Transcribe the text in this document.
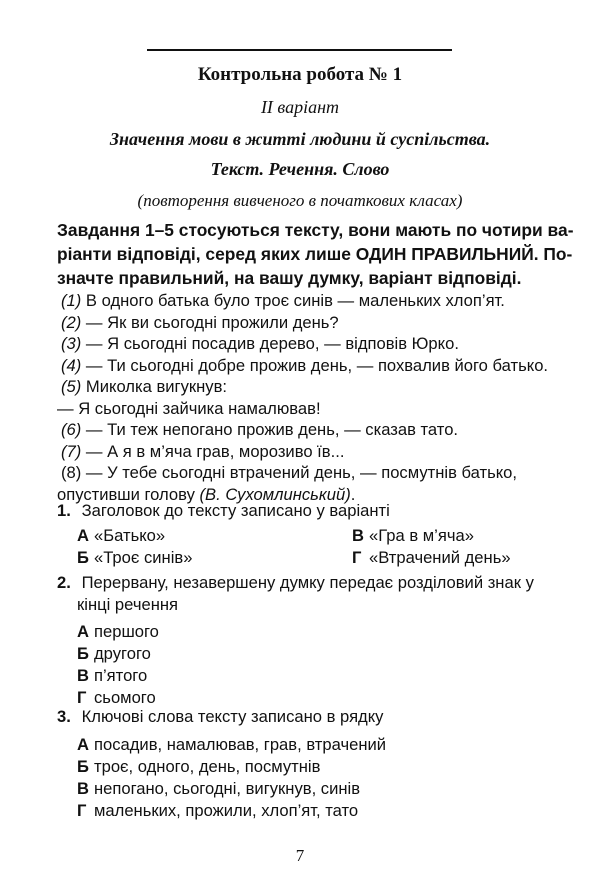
Контрольна робота № 1
II варіант
Значення мови в житті людини й суспільства.
Текст. Речення. Слово
(повторення вивченого в початкових класах)
Завдання 1–5 стосуються тексту, вони мають по чотири ва-
ріанти відповіді, серед яких лише ОДИН ПРАВИЛЬНИЙ. По-
значте правильний, на вашу думку, варіант відповіді.
(1) В одного батька було троє синів — маленьких хлоп’ят.
(2) — Як ви сьогодні прожили день?
(3) — Я сьогодні посадив дерево, — відповів Юрко.
(4) — Ти сьогодні добре прожив день, — похвалив його батько.
(5) Миколка вигукнув:
— Я сьогодні зайчика намалював!
(6) — Ти теж непогано прожив день, — сказав тато.
(7) — А я в м’яча грав, морозиво їв...
(8) — У тебе сьогодні втрачений день, — посмутнів батько,
опустивши голову (В. Сухомлинський).
1. Заголовок до тексту записано у варіанті
А «Батько»	В «Гра в м’яча»
Б «Троє синів»	Г «Втрачений день»
2. Перервану, незавершену думку передає розділовий знак у
кінці речення
А першого
Б другого
В п’ятого
Г сьомого
3. Ключові слова тексту записано в рядку
А посадив, намалював, грав, втрачений
Б троє, одного, день, посмутнів
В непогано, сьогодні, вигукнув, синів
Г маленьких, прожили, хлоп’ят, тато
7
